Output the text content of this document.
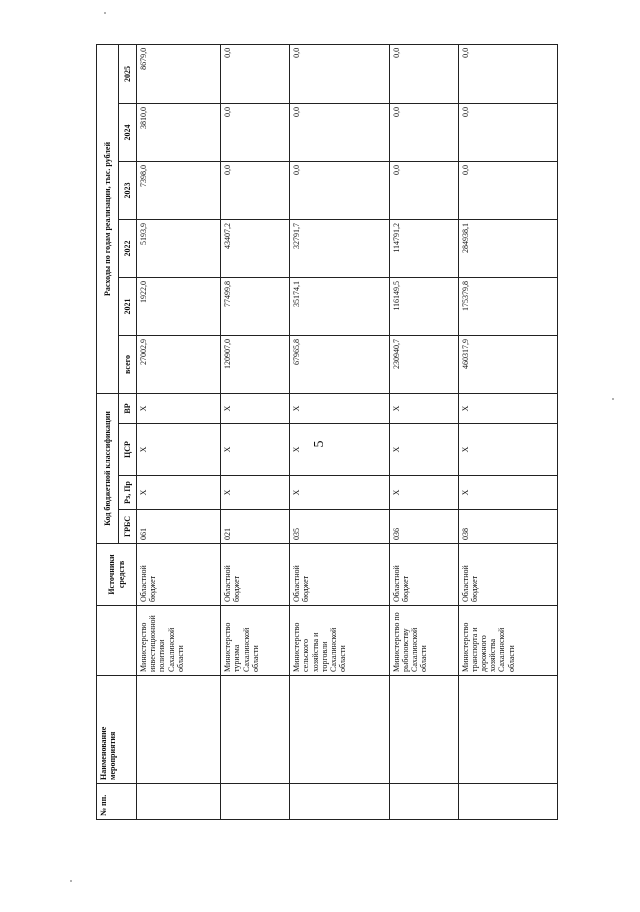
5
№ пп.	Наименование мероприятия		Источники средств	Код бюджетной классификации				Расходы по годам реализации, тыс. рублей					
				ГРБС	Рз, Пр	ЦСР	ВР	всего	2021	2022	2023	2024	2025
		Министерство инвестиционной политики Сахалинской области	Областной бюджет	061	X	X	X	27002,9	1922,0	5193,9	7398,0	3810,0	8679,0
		Министерство туризма Сахалинской области	Областной бюджет	021	X	X	X	120907,0	77499,8	43407,2	0,0	0,0	0,0
		Министерство сельского хозяйства и торговли Сахалинской области	Областной бюджет	035	X	X	X	67965,8	35174,1	32791,7	0,0	0,0	0,0
		Министерство по рыболовству Сахалинской области	Областной бюджет	036	X	X	X	230940,7	116149,5	114791,2	0,0	0,0	0,0
		Министерство транспорта и дорожного хозяйства Сахалинской области	Областной бюджет	038	X	X	X	460317,9	175379,8	284938,1	0,0	0,0	0,0
